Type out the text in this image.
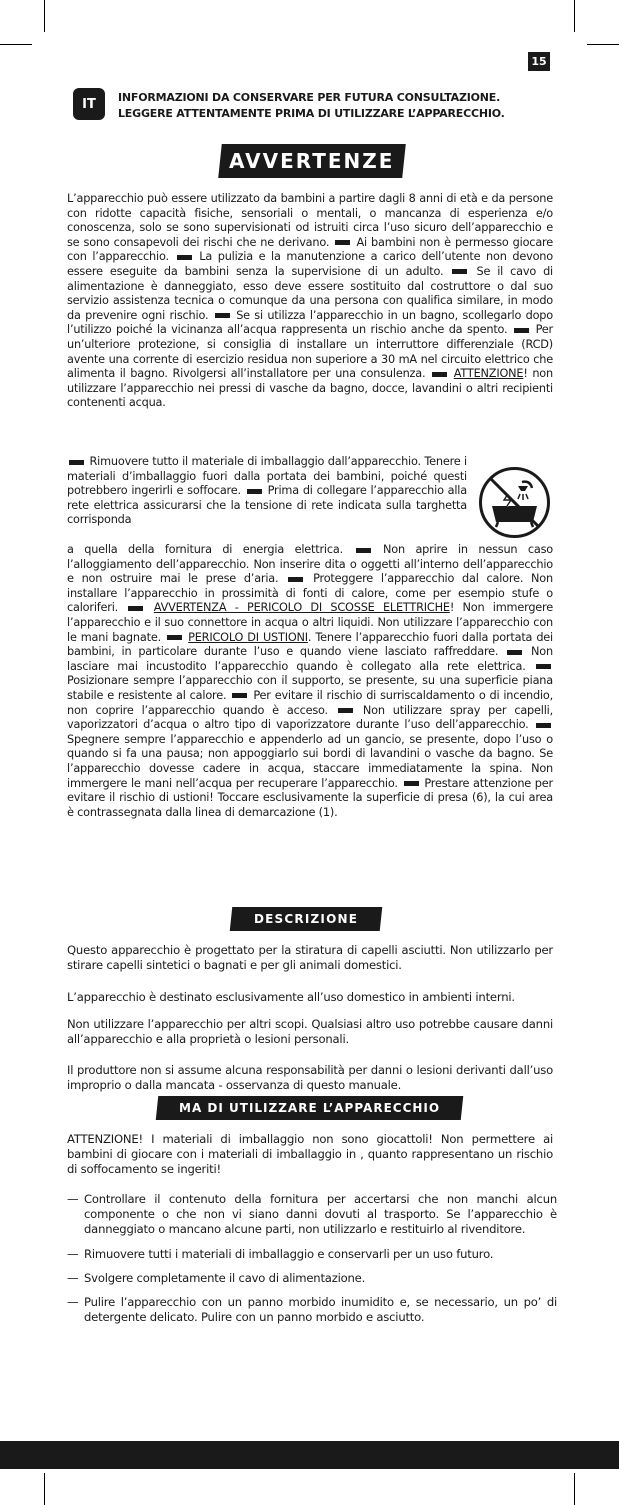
15
IT	INFORMAZIONI DA CONSERVARE PER FUTURA CONSULTAZIONE.
LEGGERE ATTENTAMENTE PRIMA DI UTILIZZARE L’APPARECCHIO.
AVVERTENZE
L’apparecchio può essere utilizzato da bambini a partire dagli 8 anni di età e da persone con ridotte capacità fisiche, sensoriali o mentali, o mancanza di esperienza e/o conoscenza, solo se sono supervisionati od istruiti circa l’uso sicuro dell’apparecchio e se sono consapevoli dei rischi che ne derivano. Ai bambini non è permesso giocare con l’apparecchio.	La pulizia e la manutenzione a carico dell’utente non devono essere eseguite da bambini senza la supervisione di un adulto.	Se il cavo di alimentazione è danneggiato, esso deve essere sostituito dal costruttore o dal suo servizio assistenza tecnica o comunque da una persona con qualifica similare, in modo da prevenire ogni rischio. Se si utilizza l’apparecchio in un bagno, scollegarlo dopo l’utilizzo poiché la vicinanza all’acqua rappresenta un rischio anche da spento. Per un’ulteriore protezione, si consiglia di installare un interruttore differenziale (RCD) avente una corrente di esercizio residua non superiore a 30 mA nel circuito elettrico che alimenta il bagno. Rivolgersi all’installatore per una consulenza.	ATTENZIONE! non utilizzare l’apparecchio nei pressi di vasche da bagno, docce, lavandini o altri recipienti contenenti acqua.
Rimuovere tutto il materiale di imballaggio dall’apparecchio. Tenere i materiali d’imballaggio fuori dalla portata dei bambini, poiché questi potrebbero ingerirli e soffocare. Prima di collegare l’apparecchio alla rete elettrica assicurarsi che la tensione di rete indicata sulla targhetta corrisponda
a quella della fornitura di energia elettrica.	Non aprire in nessun caso l’alloggiamento dell’apparecchio. Non inserire dita o oggetti all’interno dell’apparecchio e non ostruire mai le prese d’aria.	Proteggere l’apparecchio dal calore. Non installare l’apparecchio in prossimità di fonti di calore, come per esempio stufe o caloriferi.	AVVERTENZA - PERICOLO DI SCOSSE ELETTRICHE! Non immergere l’apparecchio e il suo connettore in acqua o altri liquidi. Non utilizzare l’apparecchio con le mani bagnate. PERICOLO DI USTIONI. Tenere l’apparecchio fuori dalla portata dei bambini, in particolare durante l’uso e quando viene lasciato raffreddare.	Non lasciare mai incustodito l’apparecchio quando è collegato alla rete elettrica.  Posizionare sempre l’apparecchio con il supporto, se presente, su una superficie piana stabile e resistente al calore. Per evitare il rischio di surriscaldamento o di incendio, non coprire l’apparecchio quando è acceso.	Non utilizzare spray per capelli, vaporizzatori d’acqua o altro tipo di vaporizzatore durante l’uso dell’apparecchio.  Spegnere sempre l’apparecchio e appenderlo ad un gancio, se presente, dopo l’uso o quando si fa una pausa; non appoggiarlo sui bordi di lavandini o vasche da bagno. Se l’apparecchio dovesse cadere in acqua, staccare immediatamente la spina. Non immergere le mani nell’acqua per recuperare l’apparecchio. Prestare attenzione per evitare il rischio di ustioni! Toccare esclusivamente la superficie di presa (6), la cui area è contrassegnata dalla linea di demarcazione (1).
DESCRIZIONE
Questo apparecchio è progettato per la stiratura di capelli asciutti. Non utilizzarlo per stirare capelli sintetici o bagnati e per gli animali domestici.
L’apparecchio è destinato esclusivamente all’uso domestico in ambienti interni.
Non utilizzare l’apparecchio per altri scopi. Qualsiasi altro uso potrebbe causare danni all’apparecchio e alla proprietà o lesioni personali.
Il produttore non si assume alcuna responsabilità per danni o lesioni derivanti dall’uso improprio o dalla mancata - osservanza di questo manuale.
MA DI UTILIZZARE L’APPARECCHIO
ATTENZIONE! I materiali di imballaggio non sono giocattoli! Non permettere ai bambini di giocare con i materiali di imballaggio in , quanto rappresentano un rischio di soffocamento se ingeriti!
— Controllare il contenuto della fornitura per accertarsi che non manchi alcun componente o che non vi siano danni dovuti al trasporto. Se l’apparecchio è danneggiato o mancano alcune parti, non utilizzarlo e restituirlo al rivenditore.
— Rimuovere tutti i materiali di imballaggio e conservarli per un uso futuro.
— Svolgere completamente il cavo di alimentazione.
— Pulire l’apparecchio con un panno morbido inumidito e, se necessario, un po’ di detergente delicato. Pulire con un panno morbido e asciutto.
